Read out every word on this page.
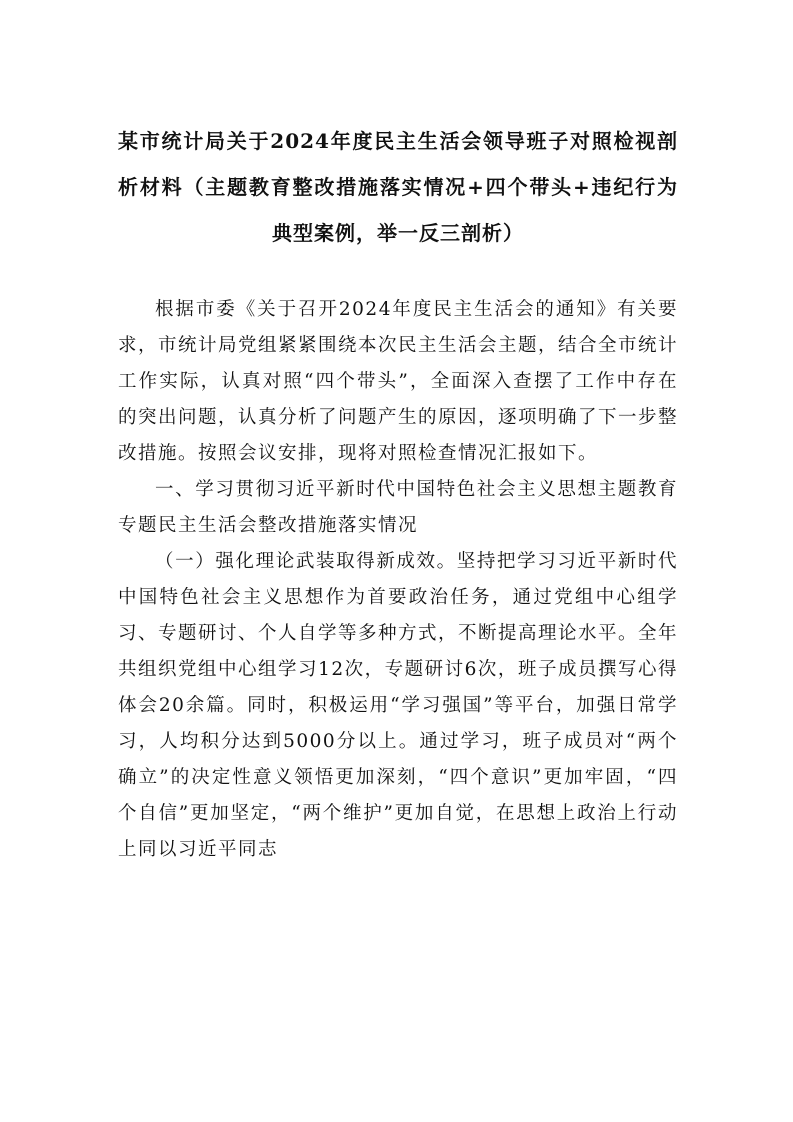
某市统计局关于2024年度民主生活会领导班子对照检视剖析材料（主题教育整改措施落实情况+四个带头+违纪行为典型案例，举一反三剖析）

根据市委《关于召开2024年度民主生活会的通知》有关要求，市统计局党组紧紧围绕本次民主生活会主题，结合全市统计工作实际，认真对照“四个带头”，全面深入查摆了工作中存在的突出问题，认真分析了问题产生的原因，逐项明确了下一步整改措施。按照会议安排，现将对照检查情况汇报如下。

一、学习贯彻习近平新时代中国特色社会主义思想主题教育专题民主生活会整改措施落实情况

（一）强化理论武装取得新成效。坚持把学习习近平新时代中国特色社会主义思想作为首要政治任务，通过党组中心组学习、专题研讨、个人自学等多种方式，不断提高理论水平。全年共组织党组中心组学习12次，专题研讨6次，班子成员撰写心得体会20余篇。同时，积极运用“学习强国”等平台，加强日常学习，人均积分达到5000分以上。通过学习，班子成员对“两个确立”的决定性意义领悟更加深刻，“四个意识”更加牢固，“四个自信”更加坚定，“两个维护”更加自觉，在思想上政治上行动上同以习近平同志
